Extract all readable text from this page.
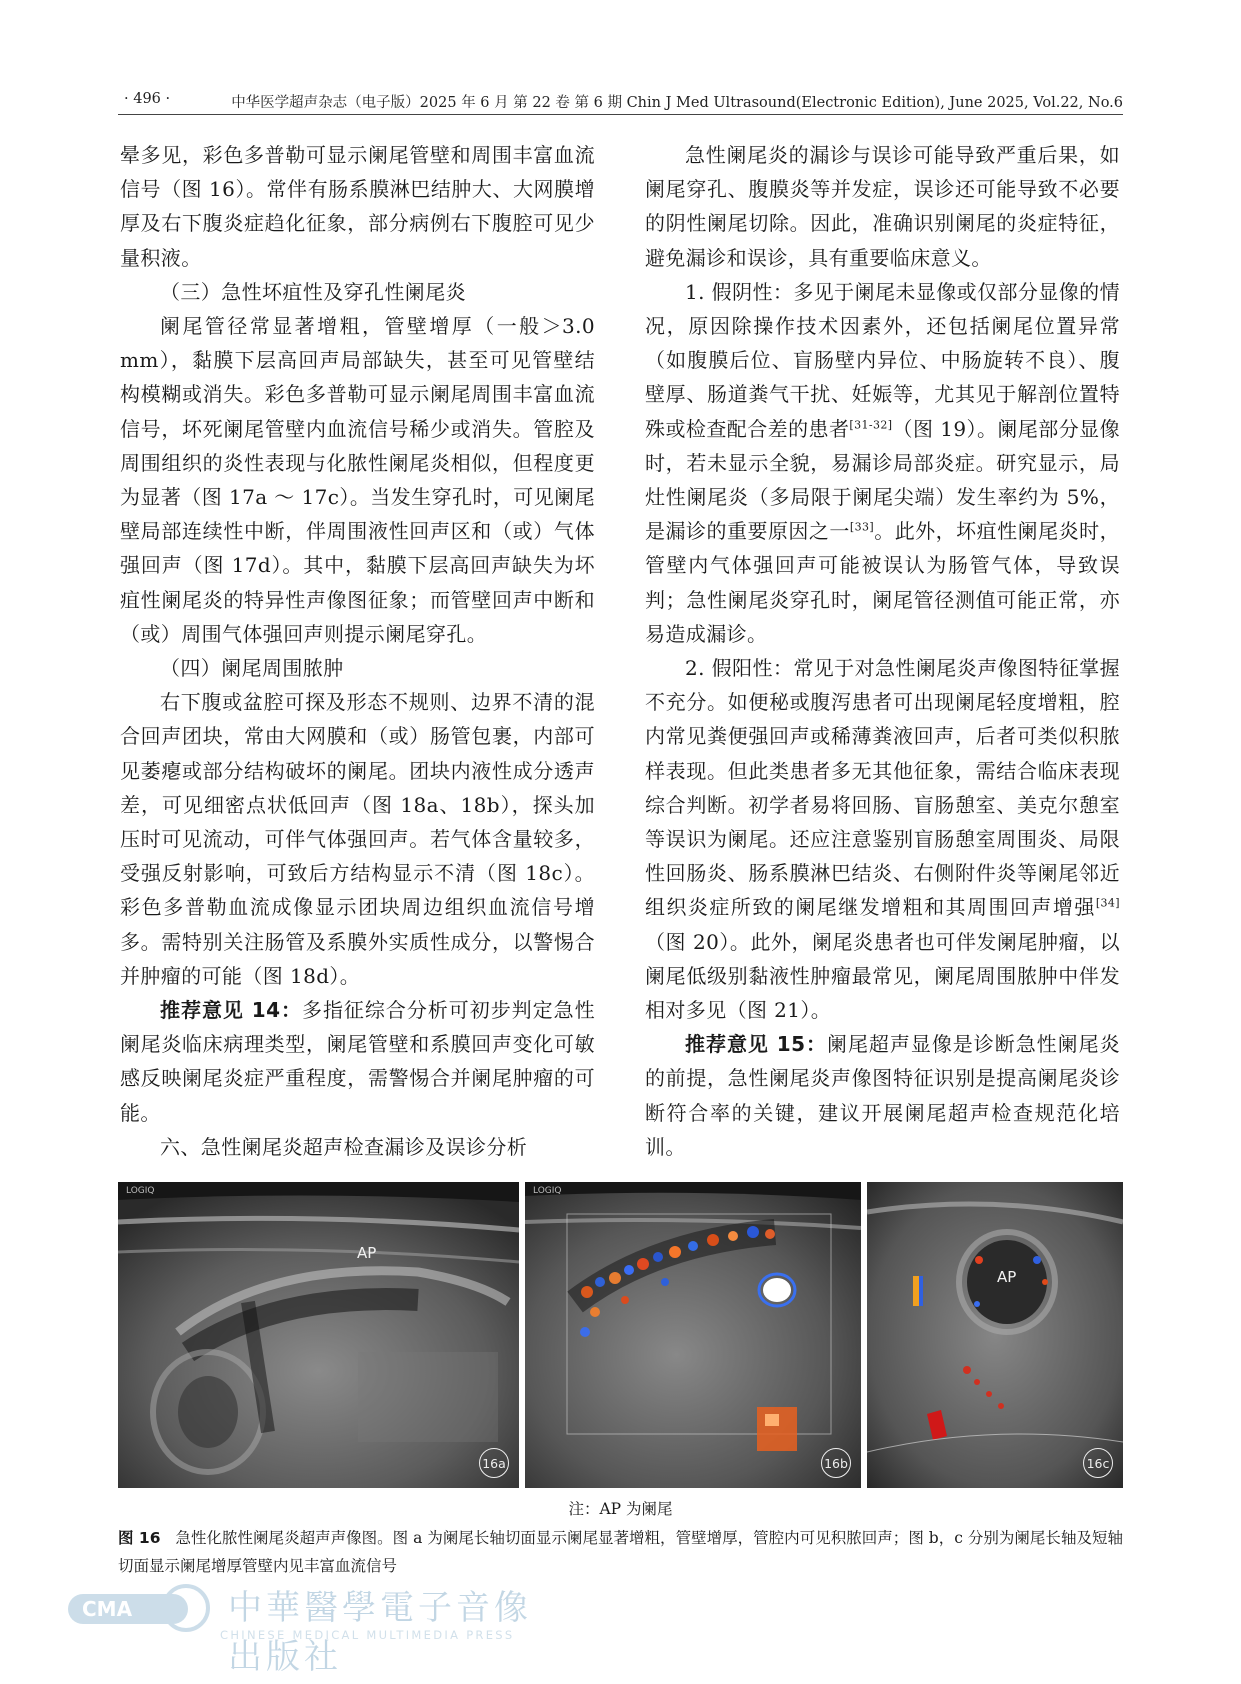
· 496 ·	中华医学超声杂志（电子版）2025 年 6 月 第 22 卷 第 6 期 Chin J Med Ultrasound(Electronic Edition), June 2025, Vol.22, No.6

晕多见，彩色多普勒可显示阑尾管壁和周围丰富血流信号（图 16）。常伴有肠系膜淋巴结肿大、大网膜增厚及右下腹炎症趋化征象，部分病例右下腹腔可见少量积液。

（三）急性坏疽性及穿孔性阑尾炎

阑尾管径常显著增粗，管壁增厚（一般＞3.0 mm），黏膜下层高回声局部缺失，甚至可见管壁结构模糊或消失。彩色多普勒可显示阑尾周围丰富血流信号，坏死阑尾管壁内血流信号稀少或消失。管腔及周围组织的炎性表现与化脓性阑尾炎相似，但程度更为显著（图 17a ～ 17c）。当发生穿孔时，可见阑尾壁局部连续性中断，伴周围液性回声区和（或）气体强回声（图 17d）。其中，黏膜下层高回声缺失为坏疽性阑尾炎的特异性声像图征象；而管壁回声中断和（或）周围气体强回声则提示阑尾穿孔。

（四）阑尾周围脓肿

右下腹或盆腔可探及形态不规则、边界不清的混合回声团块，常由大网膜和（或）肠管包裹，内部可见萎瘪或部分结构破坏的阑尾。团块内液性成分透声差，可见细密点状低回声（图 18a、18b），探头加压时可见流动，可伴气体强回声。若气体含量较多，受强反射影响，可致后方结构显示不清（图 18c）。彩色多普勒血流成像显示团块周边组织血流信号增多。需特别关注肠管及系膜外实质性成分，以警惕合并肿瘤的可能（图 18d）。

推荐意见 14：多指征综合分析可初步判定急性阑尾炎临床病理类型，阑尾管壁和系膜回声变化可敏感反映阑尾炎症严重程度，需警惕合并阑尾肿瘤的可能。

六、急性阑尾炎超声检查漏诊及误诊分析

急性阑尾炎的漏诊与误诊可能导致严重后果，如阑尾穿孔、腹膜炎等并发症，误诊还可能导致不必要的阴性阑尾切除。因此，准确识别阑尾的炎症特征，避免漏诊和误诊，具有重要临床意义。

1. 假阴性：多见于阑尾未显像或仅部分显像的情况，原因除操作技术因素外，还包括阑尾位置异常（如腹膜后位、盲肠壁内异位、中肠旋转不良）、腹壁厚、肠道粪气干扰、妊娠等，尤其见于解剖位置特殊或检查配合差的患者[31-32]（图 19）。阑尾部分显像时，若未显示全貌，易漏诊局部炎症。研究显示，局灶性阑尾炎（多局限于阑尾尖端）发生率约为 5%，是漏诊的重要原因之一[33]。此外，坏疽性阑尾炎时，管壁内气体强回声可能被误认为肠管气体，导致误判；急性阑尾炎穿孔时，阑尾管径测值可能正常，亦易造成漏诊。

2. 假阳性：常见于对急性阑尾炎声像图特征掌握不充分。如便秘或腹泻患者可出现阑尾轻度增粗，腔内常见粪便强回声或稀薄粪液回声，后者可类似积脓样表现。但此类患者多无其他征象，需结合临床表现综合判断。初学者易将回肠、盲肠憩室、美克尔憩室等误识为阑尾。还应注意鉴别盲肠憩室周围炎、局限性回肠炎、肠系膜淋巴结炎、右侧附件炎等阑尾邻近组织炎症所致的阑尾继发增粗和其周围回声增强[34]（图 20）。此外，阑尾炎患者也可伴发阑尾肿瘤，以阑尾低级别黏液性肿瘤最常见，阑尾周围脓肿中伴发相对多见（图 21）。

推荐意见 15：阑尾超声显像是诊断急性阑尾炎的前提，急性阑尾炎声像图特征识别是提高阑尾炎诊断符合率的关键，建议开展阑尾超声检查规范化培训。

LOGIQ
AP
16a
LOGIQ
16b
AP
16c
注：AP 为阑尾
图 16 急性化脓性阑尾炎超声声像图。图 a 为阑尾长轴切面显示阑尾显著增粗，管壁增厚，管腔内可见积脓回声；图 b，c 分别为阑尾长轴及短轴切面显示阑尾增厚管壁内见丰富血流信号
CMA	中華醫學電子音像出版社
CHINESE MEDICAL MULTIMEDIA PRESS
